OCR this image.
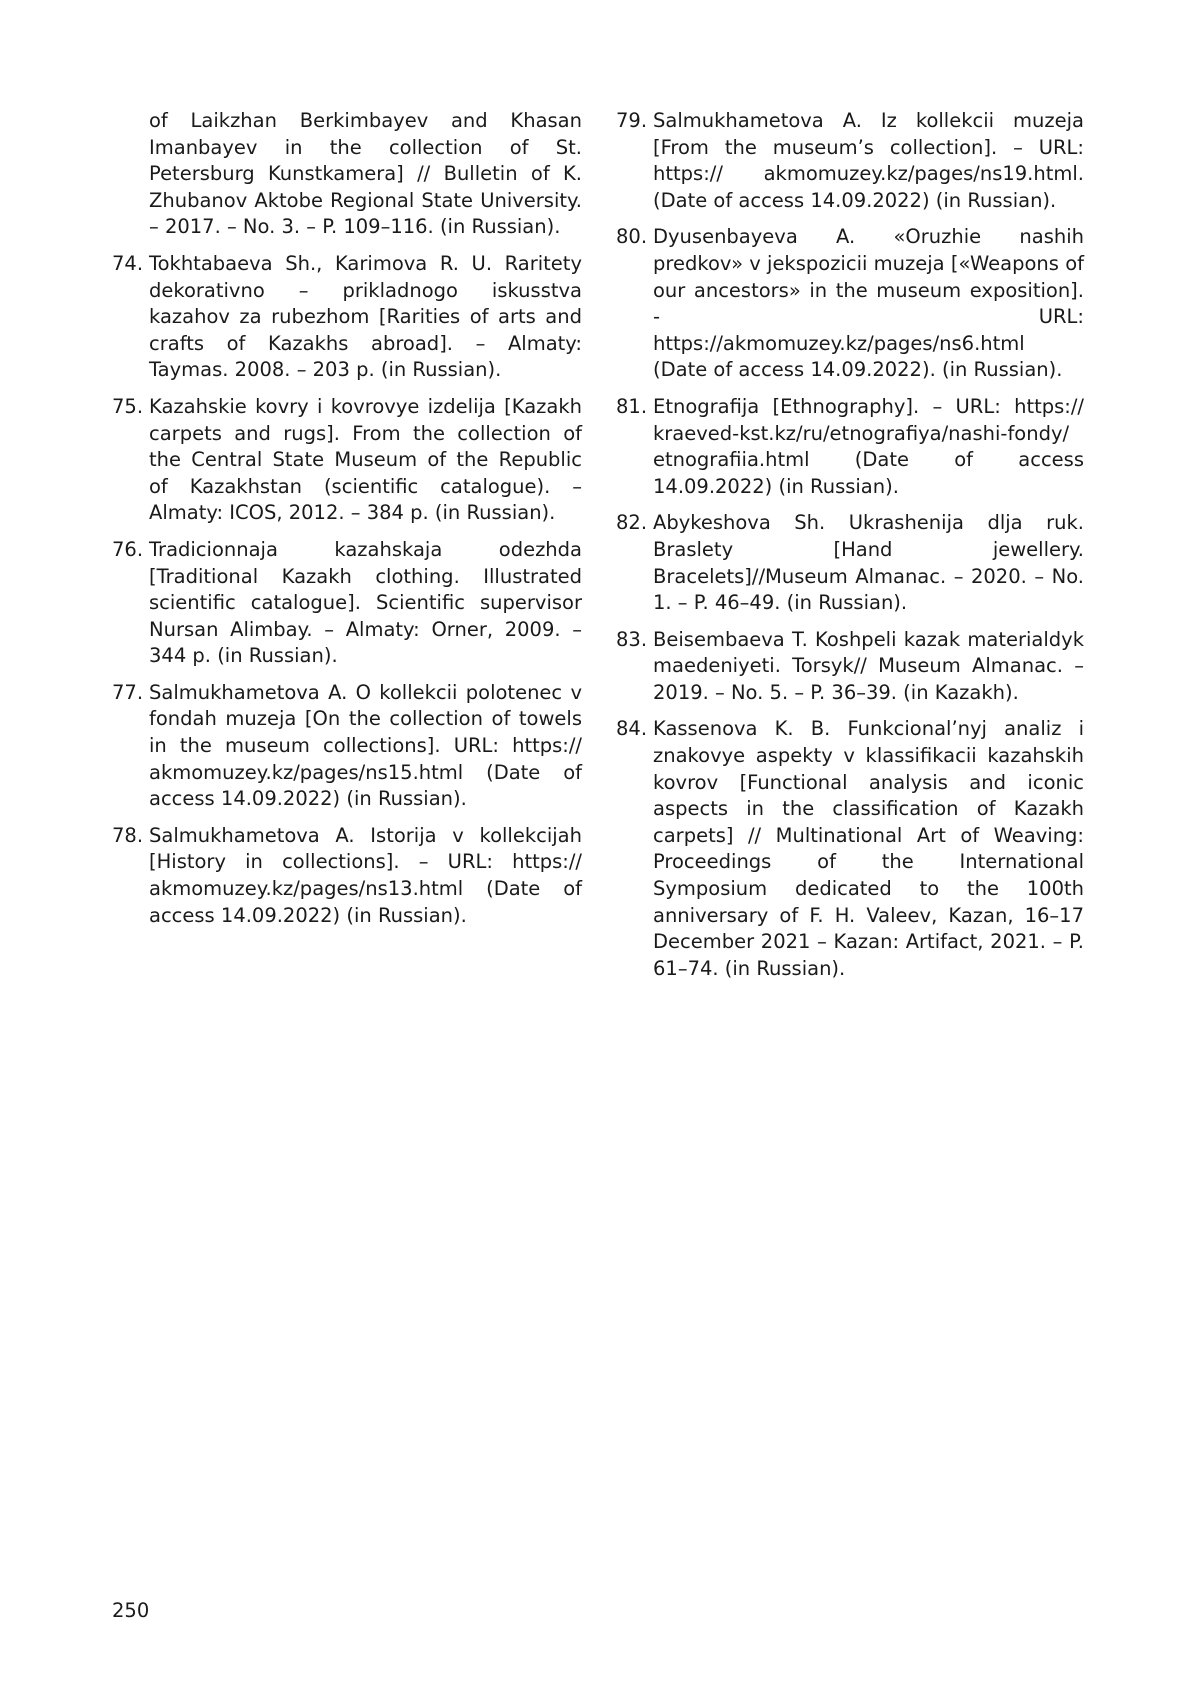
of Laikzhan Berkimbayev and Khasan Imanbayev in the collection of St. Petersburg Kunstkamera] // Bulletin of K. Zhubanov Aktobe Regional State University. – 2017. – No. 3. – P. 109–116. (in Russian).
74. Tokhtabaeva Sh., Karimova R. U. Raritety dekorativno – prikladnogo iskusstva kazahov za rubezhom [Rarities of arts and crafts of Kazakhs abroad]. – Almaty: Taymas. 2008. – 203 p. (in Russian).
75. Kazahskie kovry i kovrovye izdelija [Kazakh carpets and rugs]. From the collection of the Central State Museum of the Republic of Kazakhstan (scientific catalogue). – Almaty: ICOS, 2012. – 384 p. (in Russian).
76. Tradicionnaja kazahskaja odezhda [Traditional Kazakh clothing. Illustrated scientific catalogue]. Scientific supervisor Nursan Alimbay. – Almaty: Orner, 2009. – 344 p. (in Russian).
77. Salmukhametova A. O kollekcii polotenec v fondah muzeja [On the collection of towels in the museum collections]. URL: https:// akmomuzey.kz/pages/ns15.html (Date of access 14.09.2022) (in Russian).
78. Salmukhametova A. Istorija v kollekcijah [History in collections]. – URL: https:// akmomuzey.kz/pages/ns13.html (Date of access 14.09.2022) (in Russian).
79. Salmukhametova A. Iz kollekcii muzeja [From the museum’s collection]. – URL: https:// akmomuzey.kz/pages/ns19.html. (Date of access 14.09.2022) (in Russian).
80. Dyusenbayeva A. «Oruzhie nashih predkov» v jekspozicii muzeja [«Weapons of our ancestors» in the museum exposition]. - URL: https://akmomuzey.kz/pages/ns6.html (Date of access 14.09.2022). (in Russian).
81. Etnografija [Ethnography]. – URL: https:// kraeved-kst.kz/ru/etnografiya/nashi-fondy/ etnografiia.html (Date of access 14.09.2022) (in Russian).
82. Abykeshova Sh. Ukrashenija dlja ruk. Braslety [Hand jewellery. Bracelets]//Museum Almanac. – 2020. – No. 1. – P. 46–49. (in Russian).
83. Beisembaeva T. Koshpeli kazak materialdyk maedeniyeti. Torsyk// Museum Almanac. – 2019. – No. 5. – P. 36–39. (in Kazakh).
84. Kassenova K. B. Funkcional’nyj analiz i znakovye aspekty v klassifikacii kazahskih kovrov [Functional analysis and iconic aspects in the classification of Kazakh carpets] // Multinational Art of Weaving: Proceedings of the International Symposium dedicated to the 100th anniversary of F. H. Valeev, Kazan, 16–17 December 2021 – Kazan: Artifact, 2021. – P. 61–74. (in Russian).
250
